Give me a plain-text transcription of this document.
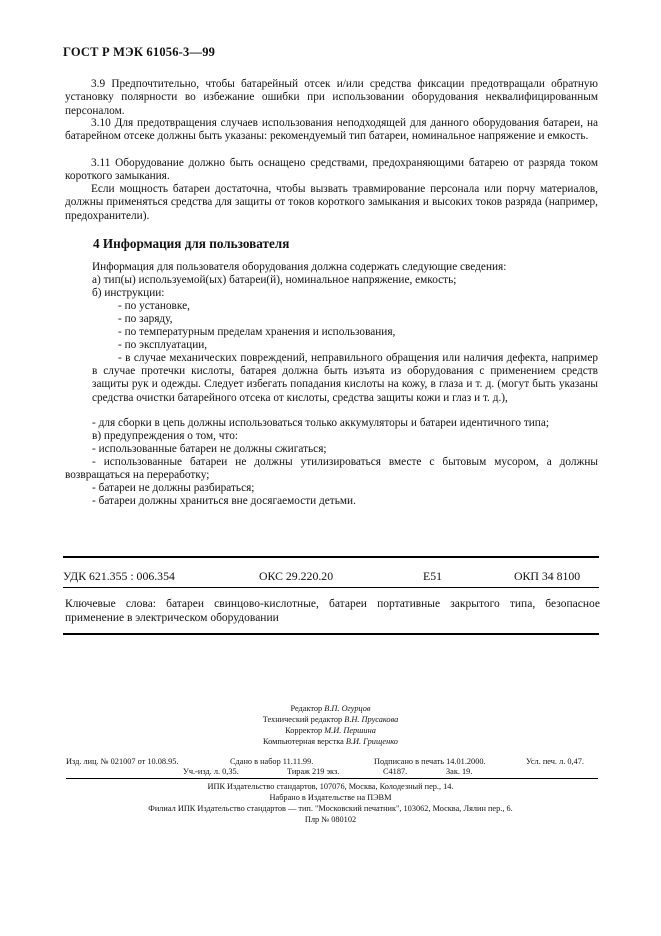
ГОСТ Р МЭК 61056-3—99
3.9 Предпочтительно, чтобы батарейный отсек и/или средства фиксации предотвращали обратную установку полярности во избежание ошибки при использовании оборудования неквалифицированным персоналом.
3.10 Для предотвращения случаев использования неподходящей для данного оборудования батареи, на батарейном отсеке должны быть указаны: рекомендуемый тип батареи, номинальное напряжение и емкость.
3.11 Оборудование должно быть оснащено средствами, предохраняющими батарею от разряда током короткого замыкания.
Если мощность батареи достаточна, чтобы вызвать травмирование персонала или порчу материалов, должны применяться средства для защиты от токов короткого замыкания и высоких токов разряда (например, предохранители).
4 Информация для пользователя
Информация для пользователя оборудования должна содержать следующие сведения:
а) тип(ы) используемой(ых) батареи(й), номинальное напряжение, емкость;
б) инструкции:
- по установке,
- по заряду,
- по температурным пределам хранения и использования,
- по эксплуатации,
- в случае механических повреждений, неправильного обращения или наличия дефекта, например в случае протечки кислоты, батарея должна быть изъята из оборудования с применением средств защиты рук и одежды. Следует избегать попадания кислоты на кожу, в глаза и т. д. (могут быть указаны средства очистки батарейного отсека от кислоты, средства защиты кожи и глаз и т. д.),
- для сборки в цепь должны использоваться только аккумуляторы и батареи идентичного типа;
в) предупреждения о том, что:
- использованные батареи не должны сжигаться;
- использованные батареи не должны утилизироваться вместе с бытовым мусором, а должны возвращаться на переработку;
- батареи не должны разбираться;
- батареи должны храниться вне досягаемости детьми.
УДК 621.355 : 006.354	ОКС 29.220.20	Е51	ОКП 34 8100
Ключевые слова: батареи свинцово-кислотные, батареи портативные закрытого типа, безопасное применение в электрическом оборудовании
Редактор В.П. Огурцов
Технический редактор В.Н. Прусакова
Корректор М.И. Першина
Компьютерная верстка В.И. Грищенко
Изд. лиц. № 021007 от 10.08.95.	Сдано в набор 11.11.99.	Подписано в печать 14.01.2000.	Усл. печ. л. 0,47.
Уч.-изд. л. 0,35.	Тираж 219 экз.	С4187.	Зак. 19.
ИПК Издательство стандартов, 107076, Москва, Колодезный пер., 14.
Набрано в Издательстве на ПЭВМ
Филиал ИПК Издательство стандартов — тип. "Московский печатник", 103062, Москва, Лялин пер., 6.
Плр № 080102
